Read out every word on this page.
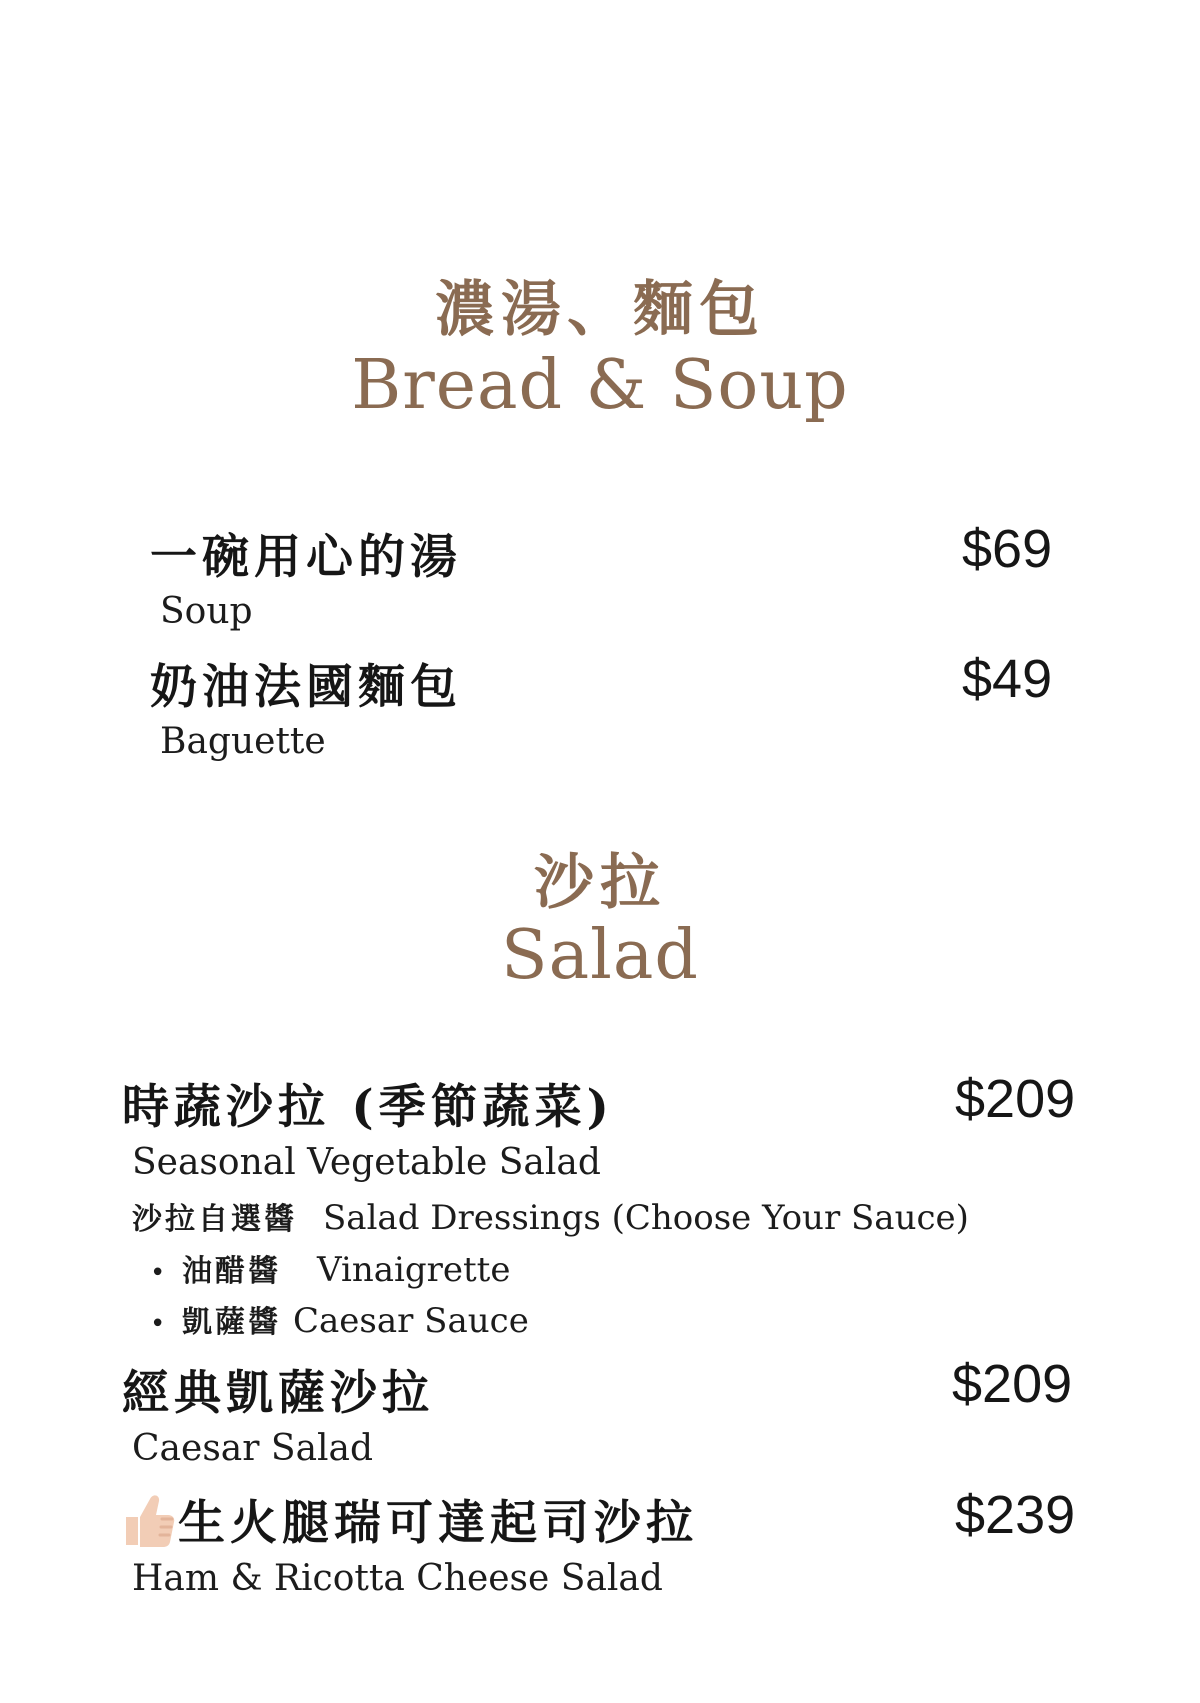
濃湯、麵包
Bread & Soup
一碗用心的湯	$69
Soup
奶油法國麵包	$49
Baguette
沙拉
Salad
時蔬沙拉 (季節蔬菜)	$209
Seasonal Vegetable Salad
沙拉自選醬 Salad Dressings (Choose Your Sauce)
• 油醋醬 Vinaigrette
• 凱薩醬 Caesar Sauce
經典凱薩沙拉	$209
Caesar Salad
生火腿瑞可達起司沙拉	$239
Ham & Ricotta Cheese Salad
